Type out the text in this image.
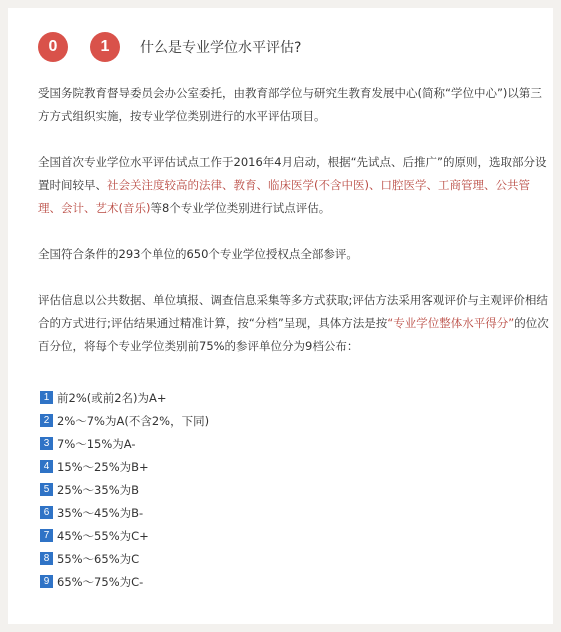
0	1	什么是专业学位水平评估?

受国务院教育督导委员会办公室委托，由教育部学位与研究生教育发展中心(简称“学位中心”)以第三方方式组织实施，按专业学位类别进行的水平评估项目。

全国首次专业学位水平评估试点工作于2016年4月启动，根据“先试点、后推广”的原则，选取部分设置时间较早、社会关注度较高的法律、教育、临床医学(不含中医)、口腔医学、工商管理、公共管理、会计、艺术(音乐)等8个专业学位类别进行试点评估。

全国符合条件的293个单位的650个专业学位授权点全部参评。

评估信息以公共数据、单位填报、调查信息采集等多方式获取;评估方法采用客观评价与主观评价相结合的方式进行;评估结果通过精准计算，按“分档”呈现，具体方法是按“专业学位整体水平得分”的位次百分位，将每个专业学位类别前75%的参评单位分为9档公布：

1 前2%(或前2名)为A+
2 2%～7%为A(不含2%，下同)
3 7%～15%为A-
4 15%～25%为B+
5 25%～35%为B
6 35%～45%为B-
7 45%～55%为C+
8 55%～65%为C
9 65%～75%为C-
